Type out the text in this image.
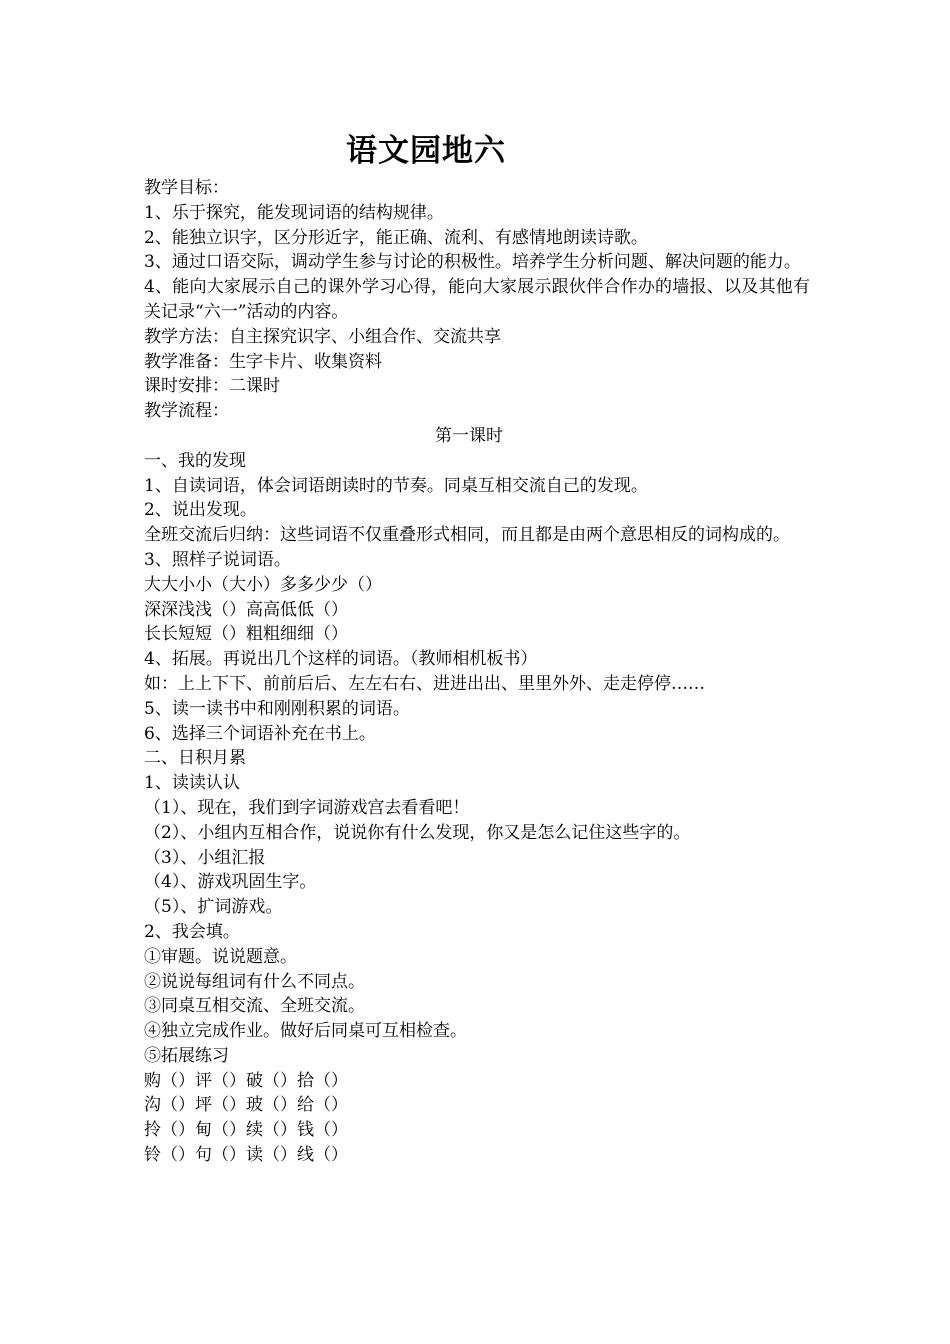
语文园地六

教学目标：

1、乐于探究，能发现词语的结构规律。

2、能独立识字，区分形近字，能正确、流利、有感情地朗读诗歌。

3、通过口语交际，调动学生参与讨论的积极性。培养学生分析问题、解决问题的能力。

4、能向大家展示自己的课外学习心得，能向大家展示跟伙伴合作办的墙报、以及其他有关记录“六一”活动的内容。

教学方法：自主探究识字、小组合作、交流共享

教学准备：生字卡片、收集资料

课时安排：二课时

教学流程：

第一课时

一、我的发现

1、自读词语，体会词语朗读时的节奏。同桌互相交流自己的发现。

2、说出发现。

全班交流后归纳：这些词语不仅重叠形式相同，而且都是由两个意思相反的词构成的。

3、照样子说词语。

大大小小（大小）多多少少（）

深深浅浅（）高高低低（）

长长短短（）粗粗细细（）

4、拓展。再说出几个这样的词语。（教师相机板书）

如：上上下下、前前后后、左左右右、进进出出、里里外外、走走停停……

5、读一读书中和刚刚积累的词语。

6、选择三个词语补充在书上。

二、日积月累

1、读读认认

（1）、现在，我们到字词游戏宫去看看吧！

（2）、小组内互相合作，说说你有什么发现，你又是怎么记住这些字的。

（3）、小组汇报

（4）、游戏巩固生字。

（5）、扩词游戏。

2、我会填。

①审题。说说题意。

②说说每组词有什么不同点。

③同桌互相交流、全班交流。

④独立完成作业。做好后同桌可互相检查。

⑤拓展练习

购（）评（）破（）拾（）

沟（）坪（）玻（）给（）

拎（）甸（）续（）钱（）

铃（）句（）读（）线（）
